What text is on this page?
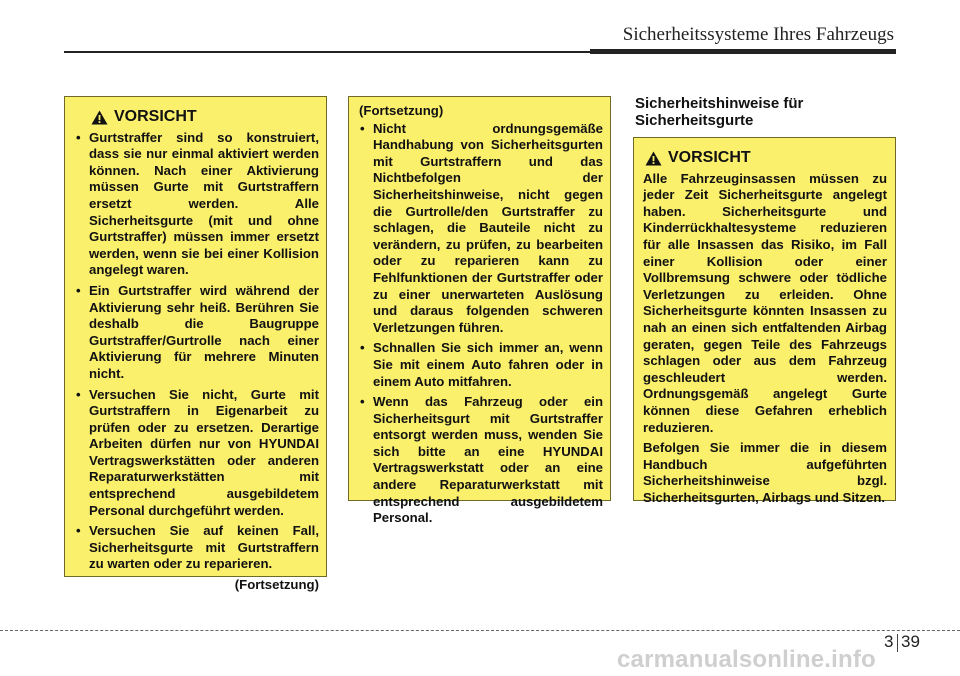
Sicherheitssysteme Ihres Fahrzeugs
VORSICHT
• Gurtstraffer sind so konstruiert, dass sie nur einmal aktiviert werden können. Nach einer Aktivierung müssen Gurte mit Gurtstraffern ersetzt werden. Alle Sicherheitsgurte (mit und ohne Gurtstraffer) müssen immer ersetzt werden, wenn sie bei einer Kollision angelegt waren.
• Ein Gurtstraffer wird während der Aktivierung sehr heiß. Berühren Sie deshalb die Baugruppe Gurtstraffer/Gurtrolle nach einer Aktivierung für mehrere Minuten nicht.
• Versuchen Sie nicht, Gurte mit Gurtstraffern in Eigenarbeit zu prüfen oder zu ersetzen. Derartige Arbeiten dürfen nur von HYUNDAI Vertragswerkstätten oder anderen Reparaturwerkstätten mit entsprechend ausgebildetem Personal durchgeführt werden.
• Versuchen Sie auf keinen Fall, Sicherheitsgurte mit Gurtstraffern zu warten oder zu reparieren.
(Fortsetzung)
(Fortsetzung)
• Nicht ordnungsgemäße Handhabung von Sicherheitsgurten mit Gurtstraffern und das Nichtbefolgen der Sicherheitshinweise, nicht gegen die Gurtrolle/den Gurtstraffer zu schlagen, die Bauteile nicht zu verändern, zu prüfen, zu bearbeiten oder zu reparieren kann zu Fehlfunktionen der Gurtstraffer oder zu einer unerwarteten Auslösung und daraus folgenden schweren Verletzungen führen.
• Schnallen Sie sich immer an, wenn Sie mit einem Auto fahren oder in einem Auto mitfahren.
• Wenn das Fahrzeug oder ein Sicherheitsgurt mit Gurtstraffer entsorgt werden muss, wenden Sie sich bitte an eine HYUNDAI Vertragswerkstatt oder an eine andere Reparaturwerkstatt mit entsprechend ausgebildetem Personal.
Sicherheitshinweise für Sicherheitsgurte
VORSICHT

Alle Fahrzeuginsassen müssen zu jeder Zeit Sicherheitsgurte angelegt haben. Sicherheitsgurte und Kinderrückhaltesysteme reduzieren für alle Insassen das Risiko, im Fall einer Kollision oder einer Vollbremsung schwere oder tödliche Verletzungen zu erleiden. Ohne Sicherheitsgurte könnten Insassen zu nah an einen sich entfaltenden Airbag geraten, gegen Teile des Fahrzeugs schlagen oder aus dem Fahrzeug geschleudert werden. Ordnungsgemäß angelegt Gurte können diese Gefahren erheblich reduzieren.

Befolgen Sie immer die in diesem Handbuch aufgeführten Sicherheitshinweise bzgl. Sicherheitsgurten, Airbags und Sitzen.

3 39
carmanualsonline.info
